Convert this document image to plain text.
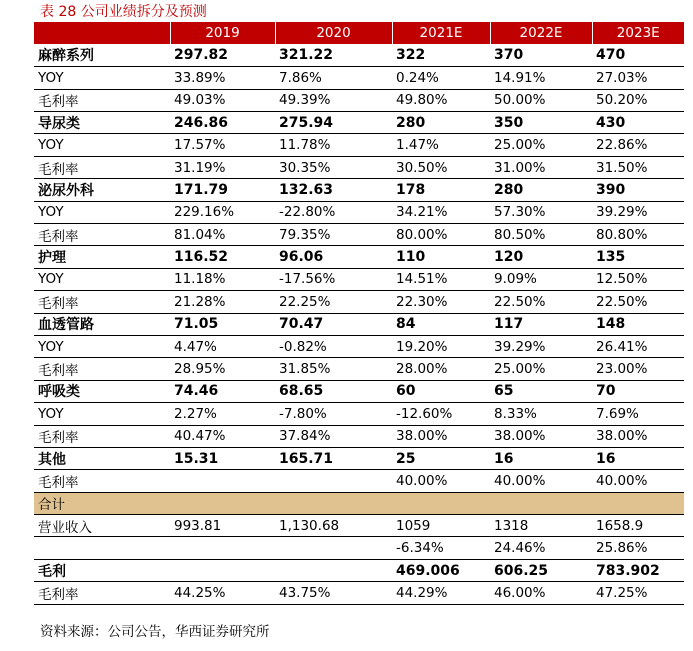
表 28 公司业绩拆分及预测
	2019	2020	2021E	2022E	2023E
麻醉系列	297.82	321.22	322	370	470
YOY	33.89%	7.86%	0.24%	14.91%	27.03%
毛利率	49.03%	49.39%	49.80%	50.00%	50.20%
导尿类	246.86	275.94	280	350	430
YOY	17.57%	11.78%	1.47%	25.00%	22.86%
毛利率	31.19%	30.35%	30.50%	31.00%	31.50%
泌尿外科	171.79	132.63	178	280	390
YOY	229.16%	-22.80%	34.21%	57.30%	39.29%
毛利率	81.04%	79.35%	80.00%	80.50%	80.80%
护理	116.52	96.06	110	120	135
YOY	11.18%	-17.56%	14.51%	9.09%	12.50%
毛利率	21.28%	22.25%	22.30%	22.50%	22.50%
血透管路	71.05	70.47	84	117	148
YOY	4.47%	-0.82%	19.20%	39.29%	26.41%
毛利率	28.95%	31.85%	28.00%	25.00%	23.00%
呼吸类	74.46	68.65	60	65	70
YOY	2.27%	-7.80%	-12.60%	8.33%	7.69%
毛利率	40.47%	37.84%	38.00%	38.00%	38.00%
其他	15.31	165.71	25	16	16
毛利率			40.00%	40.00%	40.00%
合计					
营业收入	993.81	1,130.68	1059	1318	1658.9
			-6.34%	24.46%	25.86%
毛利			469.006	606.25	783.902
毛利率	44.25%	43.75%	44.29%	46.00%	47.25%
资料来源：公司公告，华西证券研究所
